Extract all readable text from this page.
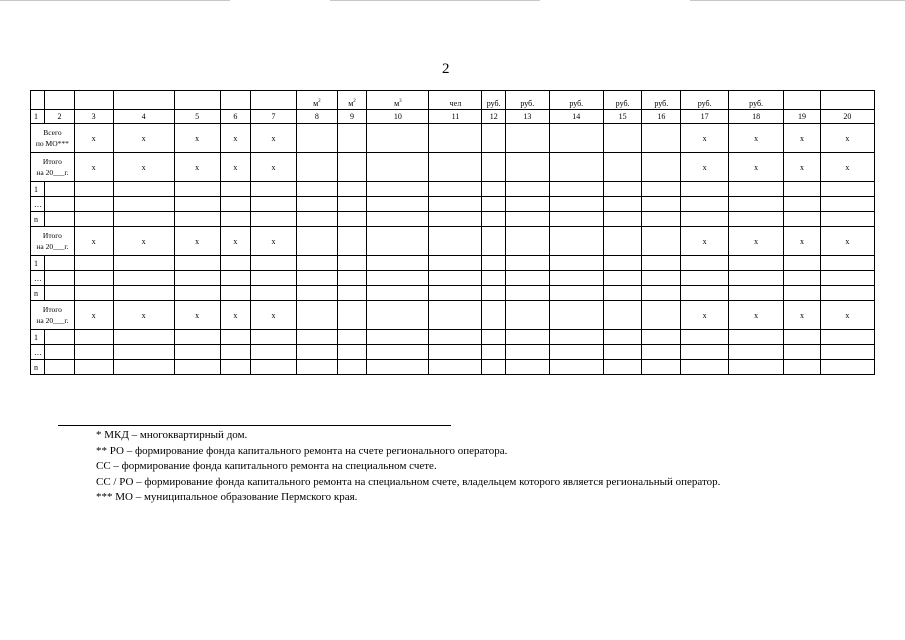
2
							$м^2$	$м^2$	$м^3$	чел	руб.	руб.	руб.	руб.	руб.	руб.	руб.		
1	2	3	4	5	6	7	8	9	10	11	12	13	14	15	16	17	18	19	20

Всего
по МО***		х	х	х	х	х										х	х	х	х

Итого
на 20___г.		х	х	х	х	х										х	х	х	х
1																			
…																			
n																			

Итого
на 20___г.		х	х	х	х	х										х	х	х	х
1																			
…																			
n																			

Итого
на 20___г.		х	х	х	х	х										х	х	х	х
1																			
…																			
n																			
* МКД – многоквартирный дом.
** РО – формирование фонда капитального ремонта на счете регионального оператора.
СС – формирование фонда капитального ремонта на специальном счете.
СС / РО – формирование фонда капитального ремонта на специальном счете, владельцем которого является региональный оператор.
*** МО – муниципальное образование Пермского края.
